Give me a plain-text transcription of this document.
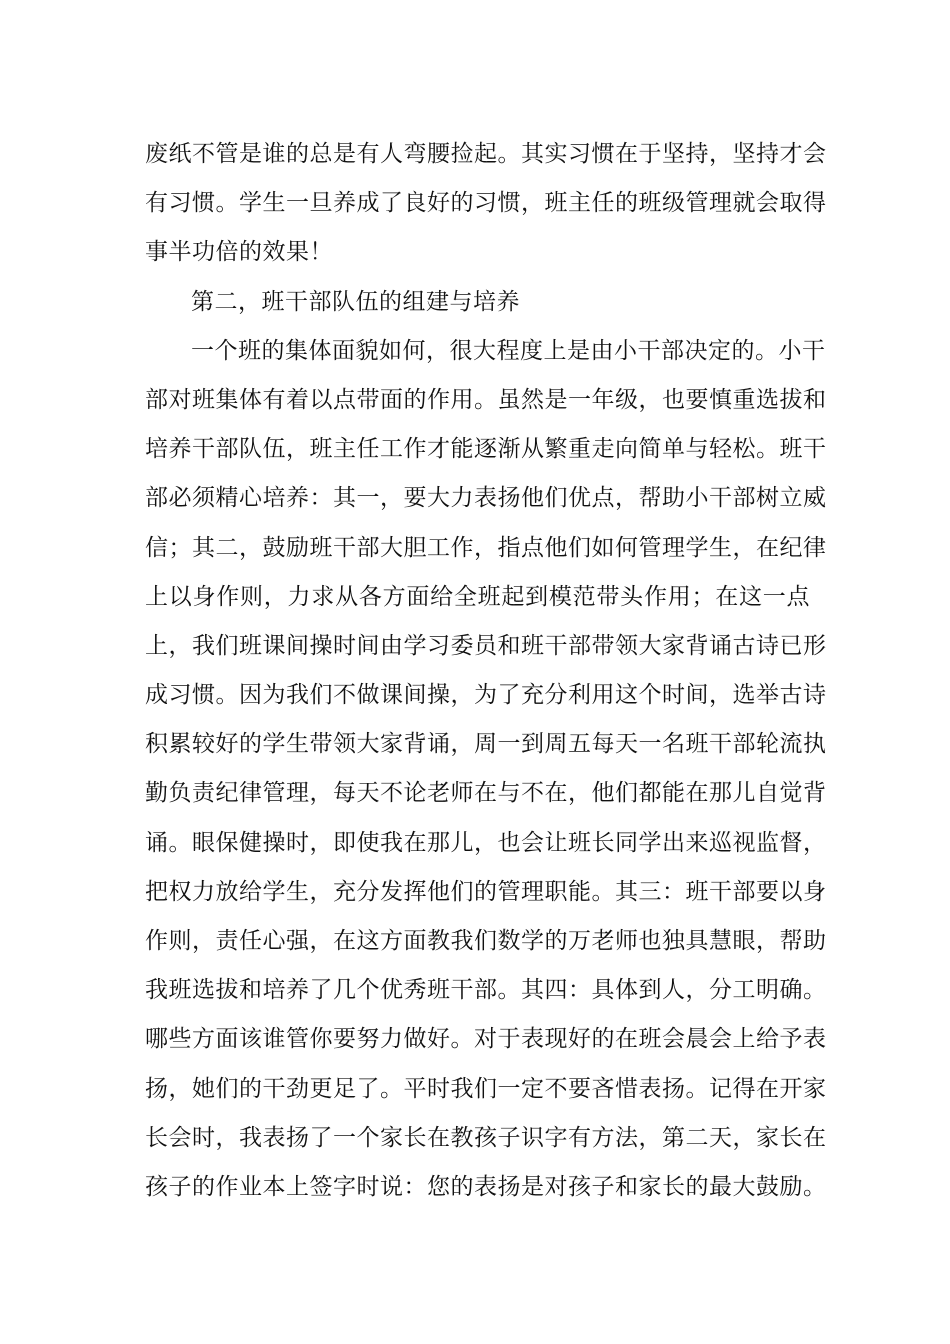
废纸不管是谁的总是有人弯腰捡起。其实习惯在于坚持，坚持才会
有习惯。学生一旦养成了良好的习惯，班主任的班级管理就会取得
事半功倍的效果！
第二，班干部队伍的组建与培养
一个班的集体面貌如何，很大程度上是由小干部决定的。小干
部对班集体有着以点带面的作用。虽然是一年级，也要慎重选拔和
培养干部队伍，班主任工作才能逐渐从繁重走向简单与轻松。班干
部必须精心培养：其一，要大力表扬他们优点，帮助小干部树立威
信；其二，鼓励班干部大胆工作，指点他们如何管理学生，在纪律
上以身作则，力求从各方面给全班起到模范带头作用；在这一点
上，我们班课间操时间由学习委员和班干部带领大家背诵古诗已形
成习惯。因为我们不做课间操，为了充分利用这个时间，选举古诗
积累较好的学生带领大家背诵，周一到周五每天一名班干部轮流执
勤负责纪律管理，每天不论老师在与不在，他们都能在那儿自觉背
诵。眼保健操时，即使我在那儿，也会让班长同学出来巡视监督，
把权力放给学生，充分发挥他们的管理职能。其三：班干部要以身
作则，责任心强，在这方面教我们数学的万老师也独具慧眼，帮助
我班选拔和培养了几个优秀班干部。其四：具体到人，分工明确。
哪些方面该谁管你要努力做好。对于表现好的在班会晨会上给予表
扬，她们的干劲更足了。平时我们一定不要吝惜表扬。记得在开家
长会时，我表扬了一个家长在教孩子识字有方法，第二天，家长在
孩子的作业本上签字时说：您的表扬是对孩子和家长的最大鼓励。
